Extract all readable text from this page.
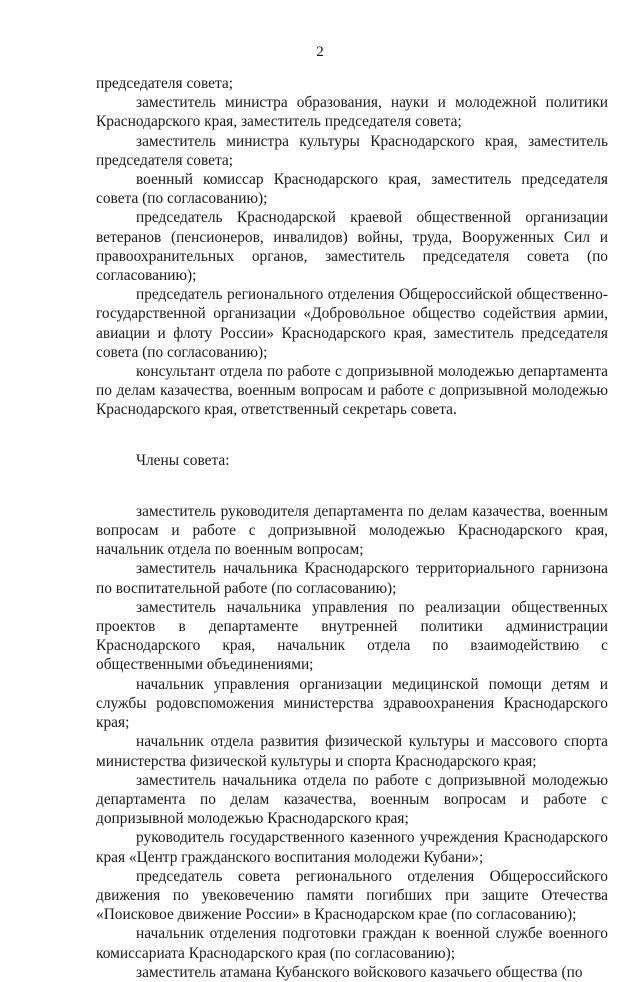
2

председателя совета;

заместитель министра образования, науки и молодежной политики Краснодарского края, заместитель председателя совета;

заместитель министра культуры Краснодарского края, заместитель председателя совета;

военный комиссар Краснодарского края, заместитель председателя совета (по согласованию);

председатель Краснодарской краевой общественной организации ветеранов (пенсионеров, инвалидов) войны, труда, Вооруженных Сил и правоохранительных органов, заместитель председателя совета (по согласованию);

председатель регионального отделения Общероссийской общественно-государственной организации «Добровольное общество содействия армии, авиации и флоту России» Краснодарского края, заместитель председателя совета (по согласованию);

консультант отдела по работе с допризывной молодежью департамента по делам казачества, военным вопросам и работе с допризывной молодежью Краснодарского края, ответственный секретарь совета.

Члены совета:

заместитель руководителя департамента по делам казачества, военным вопросам и работе с допризывной молодежью Краснодарского края, начальник отдела по военным вопросам;

заместитель начальника Краснодарского территориального гарнизона по воспитательной работе (по согласованию);

заместитель начальника управления по реализации общественных проектов в департаменте внутренней политики администрации Краснодарского края, начальник отдела по взаимодействию с общественными объединениями;

начальник управления организации медицинской помощи детям и службы родовспоможения министерства здравоохранения Краснодарского края;

начальник отдела развития физической культуры и массового спорта министерства физической культуры и спорта Краснодарского края;

заместитель начальника отдела по работе с допризывной молодежью департамента по делам казачества, военным вопросам и работе с допризывной молодежью Краснодарского края;

руководитель государственного казенного учреждения Краснодарского края «Центр гражданского воспитания молодежи Кубани»;

председатель совета регионального отделения Общероссийского движения по увековечению памяти погибших при защите Отечества «Поисковое движение России» в Краснодарском крае (по согласованию);

начальник отделения подготовки граждан к военной службе военного комиссариата Краснодарского края (по согласованию);

заместитель атамана Кубанского войскового казачьего общества (по
